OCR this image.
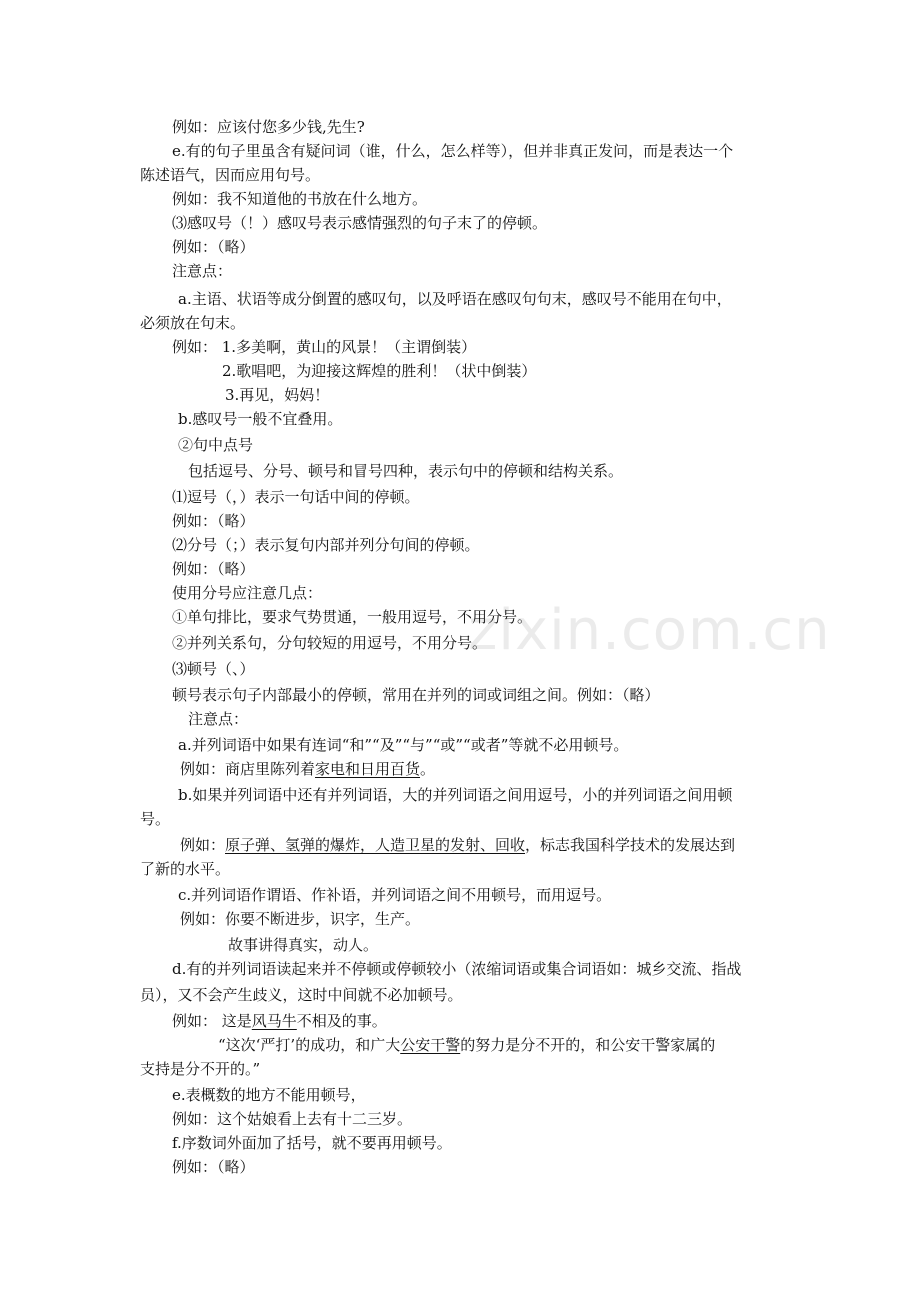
zixin.com.cn
例如：应该付您多少钱,先生?
e.有的句子里虽含有疑问词（谁，什么，怎么样等），但并非真正发问，而是表达一个
陈述语气，因而应用句号。
例如：我不知道他的书放在什么地方。
⑶感叹号（！）感叹号表示感情强烈的句子末了的停顿。
例如：（略）
注意点：
a.主语、状语等成分倒置的感叹句，以及呼语在感叹句句末，感叹号不能用在句中，
必须放在句末。
例如： 1.多美啊，黄山的风景！（主谓倒装）
2.歌唱吧，为迎接这辉煌的胜利！（状中倒装）
3.再见，妈妈！
b.感叹号一般不宜叠用。
②句中点号
包括逗号、分号、顿号和冒号四种，表示句中的停顿和结构关系。
⑴逗号（，）表示一句话中间的停顿。
例如：（略）
⑵分号（；）表示复句内部并列分句间的停顿。
例如：（略）
使用分号应注意几点：
①单句排比，要求气势贯通，一般用逗号，不用分号。
②并列关系句，分句较短的用逗号，不用分号。
⑶顿号（、）
顿号表示句子内部最小的停顿，常用在并列的词或词组之间。例如：（略）
注意点：
a.并列词语中如果有连词“和”“及”“与”“或”“或者”等就不必用顿号。
例如：商店里陈列着家电和日用百货。
b.如果并列词语中还有并列词语，大的并列词语之间用逗号，小的并列词语之间用顿
号。
例如：原子弹、氢弹的爆炸，人造卫星的发射、回收，标志我国科学技术的发展达到
了新的水平。
c.并列词语作谓语、作补语，并列词语之间不用顿号，而用逗号。
例如：你要不断进步，识字，生产。
故事讲得真实，动人。
d.有的并列词语读起来并不停顿或停顿较小（浓缩词语或集合词语如：城乡交流、指战
员），又不会产生歧义，这时中间就不必加顿号。
例如： 这是风马牛不相及的事。
“这次‘严打’的成功，和广大公安干警的努力是分不开的，和公安干警家属的
支持是分不开的。”
e.表概数的地方不能用顿号，
例如：这个姑娘看上去有十二三岁。
f.序数词外面加了括号，就不要再用顿号。
例如：（略）
